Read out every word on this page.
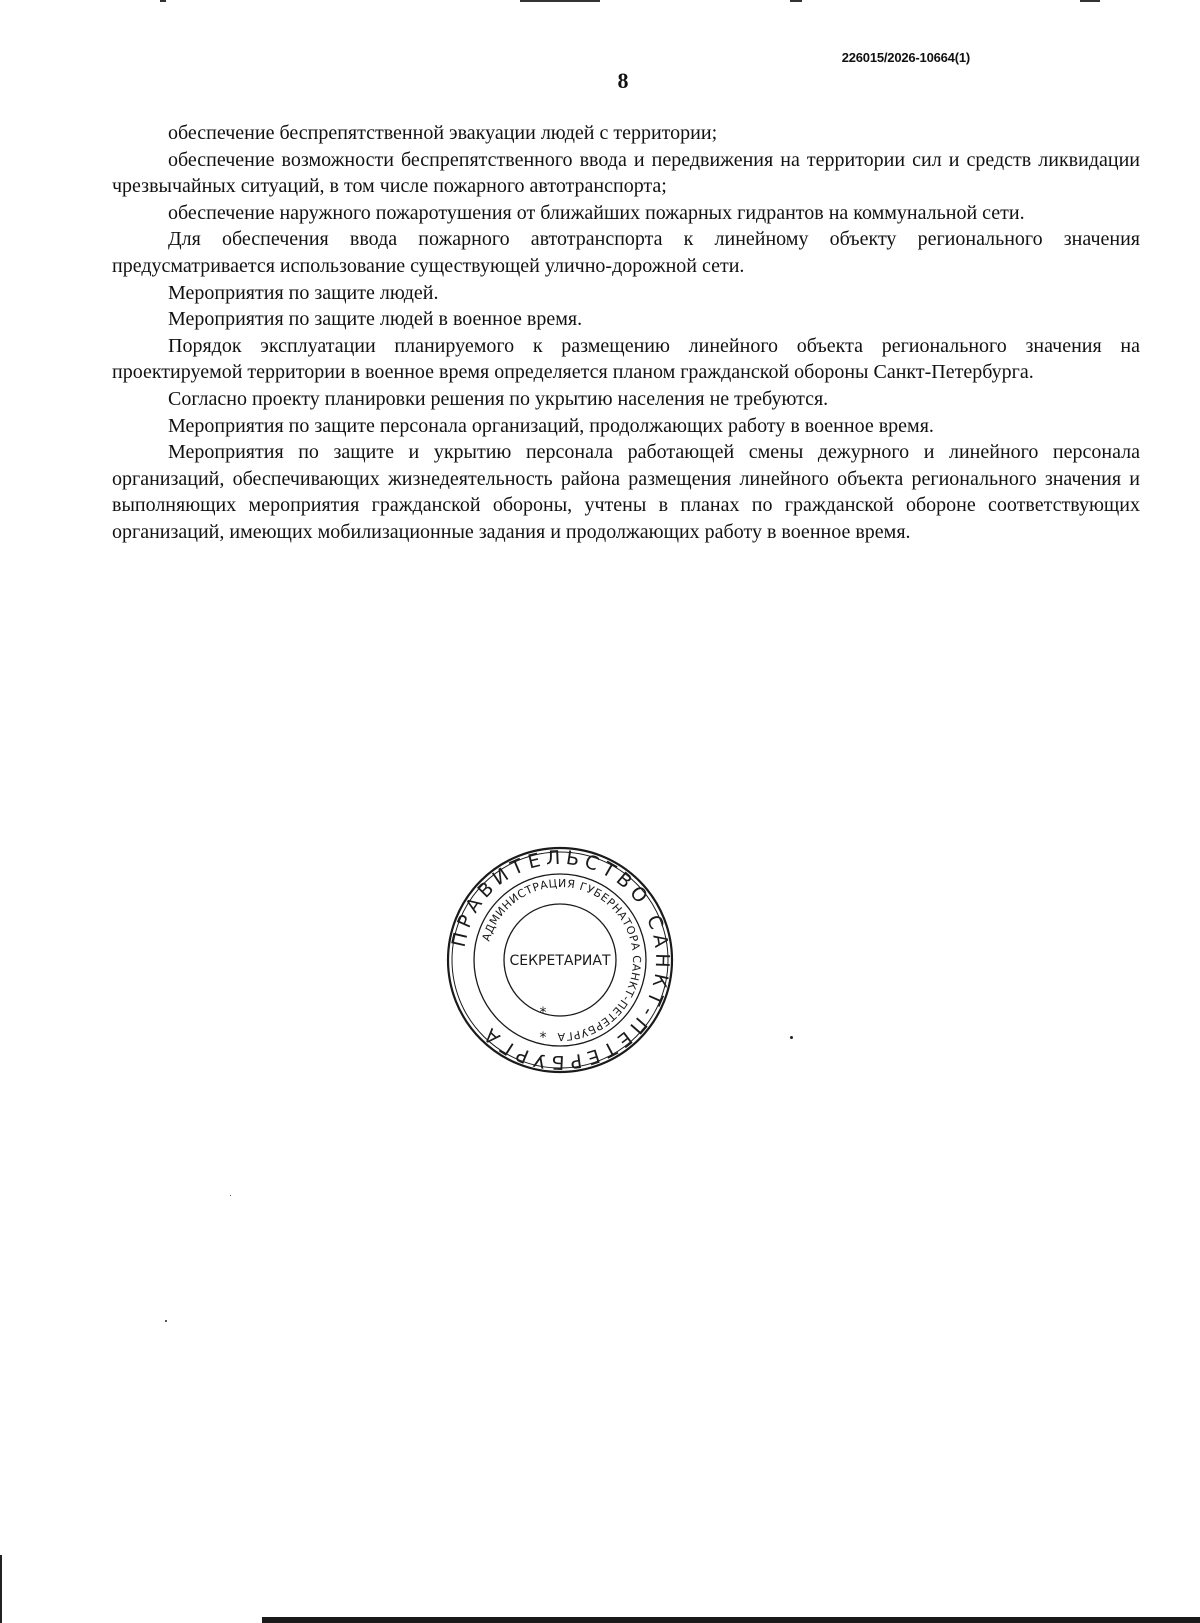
226015/2026-10664(1)
8

обеспечение беспрепятственной эвакуации людей с территории;

обеспечение возможности беспрепятственного ввода и передвижения на территории сил и средств ликвидации чрезвычайных ситуаций, в том числе пожарного автотранспорта;

обеспечение наружного пожаротушения от ближайших пожарных гидрантов на коммунальной сети.

Для обеспечения ввода пожарного автотранспорта к линейному объекту регионального значения предусматривается использование существующей улично-дорожной сети.

Мероприятия по защите людей.

Мероприятия по защите людей в военное время.

Порядок эксплуатации планируемого к размещению линейного объекта регионального значения на проектируемой территории в военное время определяется планом гражданской обороны Санкт-Петербурга.

Согласно проекту планировки решения по укрытию населения не требуются.

Мероприятия по защите персонала организаций, продолжающих работу в военное время.

Мероприятия по защите и укрытию персонала работающей смены дежурного и линейного персонала организаций, обеспечивающих жизнедеятельность района размещения линейного объекта регионального значения и выполняющих мероприятия гражданской обороны, учтены в планах по гражданской обороне соответствующих организаций, имеющих мобилизационные задания и продолжающих работу в военное время.

ПРАВИТЕЛЬСТВО САНКТ-ПЕТЕРБУРГА
АДМИНИСТРАЦИЯ ГУБЕРНАТОРА САНКТ-ПЕТЕРБУРГА
СЕКРЕТАРИАТ
*
*
